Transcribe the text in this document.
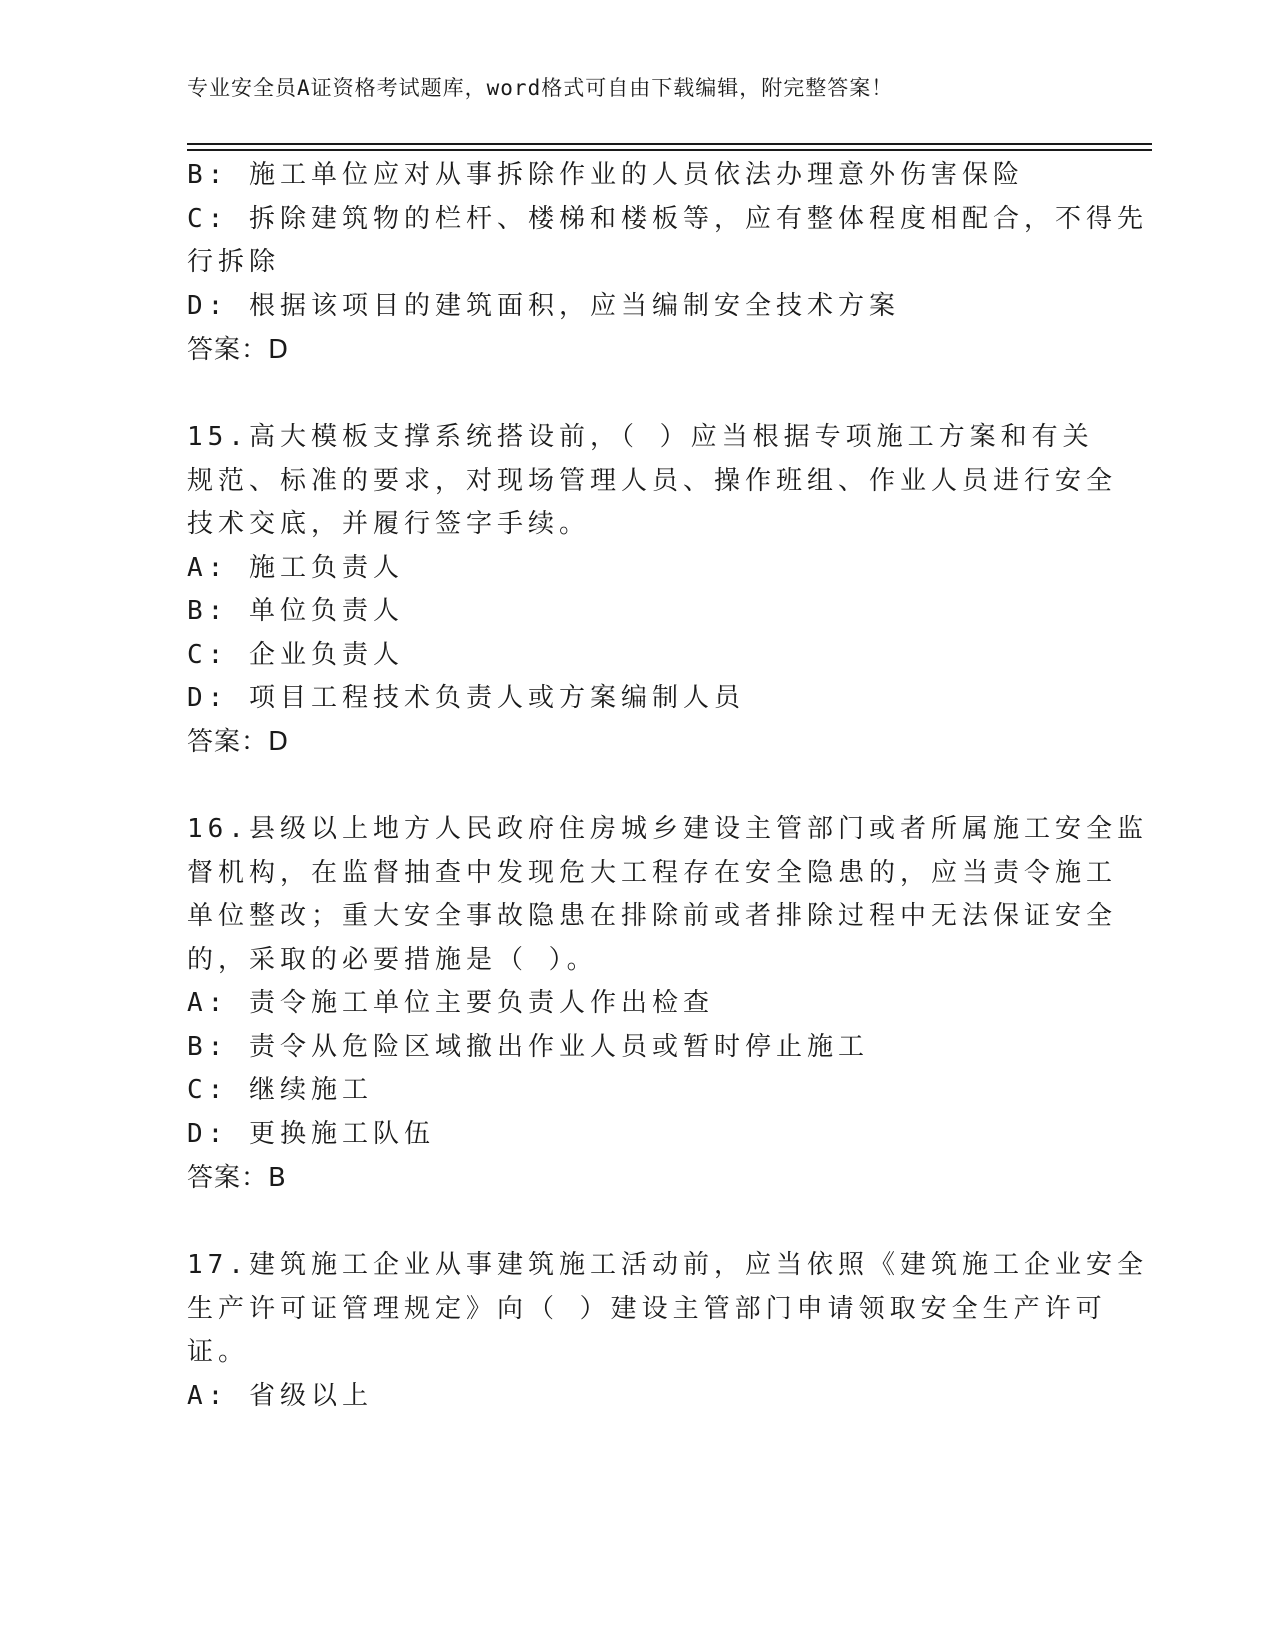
专业安全员A证资格考试题库，word格式可自由下载编辑，附完整答案！
B: 施工单位应对从事拆除作业的人员依法办理意外伤害保险
C: 拆除建筑物的栏杆、楼梯和楼板等，应有整体程度相配合，不得先
行拆除
D: 根据该项目的建筑面积，应当编制安全技术方案
答案：D
15.高大模板支撑系统搭设前，（ ）应当根据专项施工方案和有关
规范、标准的要求，对现场管理人员、操作班组、作业人员进行安全
技术交底，并履行签字手续。
A: 施工负责人
B: 单位负责人
C: 企业负责人
D: 项目工程技术负责人或方案编制人员
答案：D
16.县级以上地方人民政府住房城乡建设主管部门或者所属施工安全监
督机构，在监督抽查中发现危大工程存在安全隐患的，应当责令施工
单位整改；重大安全事故隐患在排除前或者排除过程中无法保证安全
的，采取的必要措施是（ ）。
A: 责令施工单位主要负责人作出检查
B: 责令从危险区域撤出作业人员或暂时停止施工
C: 继续施工
D: 更换施工队伍
答案：B
17.建筑施工企业从事建筑施工活动前，应当依照《建筑施工企业安全
生产许可证管理规定》向（ ）建设主管部门申请领取安全生产许可
证。
A: 省级以上
